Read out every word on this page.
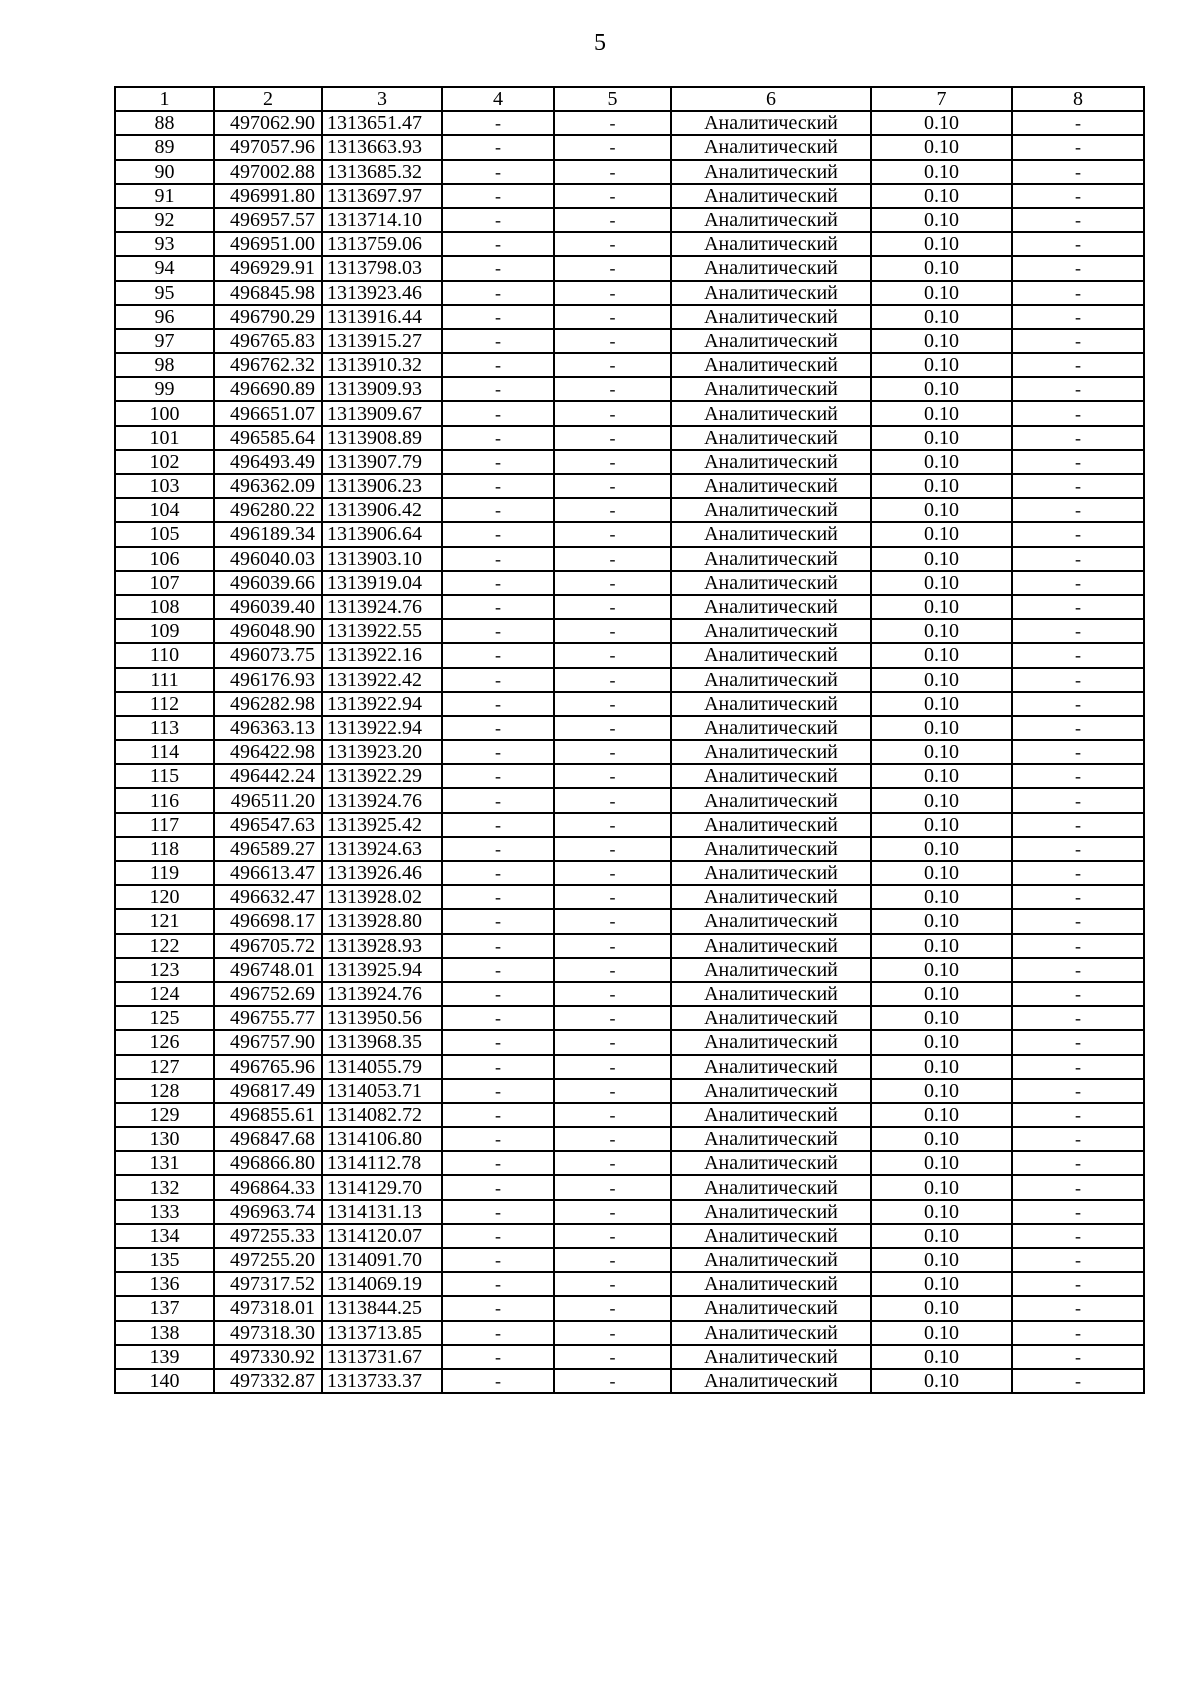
5
1	2	3	4	5	6	7	8
88	497062.90	1313651.47	-	-	Аналитический	0.10	-
89	497057.96	1313663.93	-	-	Аналитический	0.10	-
90	497002.88	1313685.32	-	-	Аналитический	0.10	-
91	496991.80	1313697.97	-	-	Аналитический	0.10	-
92	496957.57	1313714.10	-	-	Аналитический	0.10	-
93	496951.00	1313759.06	-	-	Аналитический	0.10	-
94	496929.91	1313798.03	-	-	Аналитический	0.10	-
95	496845.98	1313923.46	-	-	Аналитический	0.10	-
96	496790.29	1313916.44	-	-	Аналитический	0.10	-
97	496765.83	1313915.27	-	-	Аналитический	0.10	-
98	496762.32	1313910.32	-	-	Аналитический	0.10	-
99	496690.89	1313909.93	-	-	Аналитический	0.10	-
100	496651.07	1313909.67	-	-	Аналитический	0.10	-
101	496585.64	1313908.89	-	-	Аналитический	0.10	-
102	496493.49	1313907.79	-	-	Аналитический	0.10	-
103	496362.09	1313906.23	-	-	Аналитический	0.10	-
104	496280.22	1313906.42	-	-	Аналитический	0.10	-
105	496189.34	1313906.64	-	-	Аналитический	0.10	-
106	496040.03	1313903.10	-	-	Аналитический	0.10	-
107	496039.66	1313919.04	-	-	Аналитический	0.10	-
108	496039.40	1313924.76	-	-	Аналитический	0.10	-
109	496048.90	1313922.55	-	-	Аналитический	0.10	-
110	496073.75	1313922.16	-	-	Аналитический	0.10	-
111	496176.93	1313922.42	-	-	Аналитический	0.10	-
112	496282.98	1313922.94	-	-	Аналитический	0.10	-
113	496363.13	1313922.94	-	-	Аналитический	0.10	-
114	496422.98	1313923.20	-	-	Аналитический	0.10	-
115	496442.24	1313922.29	-	-	Аналитический	0.10	-
116	496511.20	1313924.76	-	-	Аналитический	0.10	-
117	496547.63	1313925.42	-	-	Аналитический	0.10	-
118	496589.27	1313924.63	-	-	Аналитический	0.10	-
119	496613.47	1313926.46	-	-	Аналитический	0.10	-
120	496632.47	1313928.02	-	-	Аналитический	0.10	-
121	496698.17	1313928.80	-	-	Аналитический	0.10	-
122	496705.72	1313928.93	-	-	Аналитический	0.10	-
123	496748.01	1313925.94	-	-	Аналитический	0.10	-
124	496752.69	1313924.76	-	-	Аналитический	0.10	-
125	496755.77	1313950.56	-	-	Аналитический	0.10	-
126	496757.90	1313968.35	-	-	Аналитический	0.10	-
127	496765.96	1314055.79	-	-	Аналитический	0.10	-
128	496817.49	1314053.71	-	-	Аналитический	0.10	-
129	496855.61	1314082.72	-	-	Аналитический	0.10	-
130	496847.68	1314106.80	-	-	Аналитический	0.10	-
131	496866.80	1314112.78	-	-	Аналитический	0.10	-
132	496864.33	1314129.70	-	-	Аналитический	0.10	-
133	496963.74	1314131.13	-	-	Аналитический	0.10	-
134	497255.33	1314120.07	-	-	Аналитический	0.10	-
135	497255.20	1314091.70	-	-	Аналитический	0.10	-
136	497317.52	1314069.19	-	-	Аналитический	0.10	-
137	497318.01	1313844.25	-	-	Аналитический	0.10	-
138	497318.30	1313713.85	-	-	Аналитический	0.10	-
139	497330.92	1313731.67	-	-	Аналитический	0.10	-
140	497332.87	1313733.37	-	-	Аналитический	0.10	-
